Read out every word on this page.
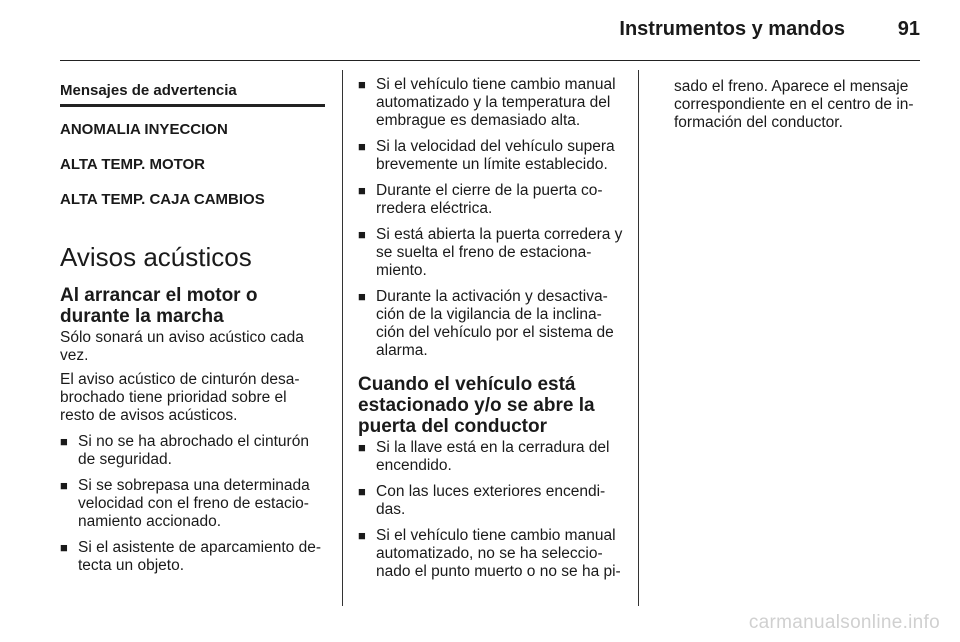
Instrumentos y mandos	91
Mensajes de advertencia
ANOMALIA INYECCION
ALTA TEMP. MOTOR
ALTA TEMP. CAJA CAMBIOS
Avisos acústicos
Al arrancar el motor o durante la marcha
Sólo sonará un aviso acústico cada vez.
El aviso acústico de cinturón desa-brochado tiene prioridad sobre el resto de avisos acústicos.
■ Si no se ha abrochado el cinturón de seguridad.
■ Si se sobrepasa una determinada velocidad con el freno de estacio-namiento accionado.
■ Si el asistente de aparcamiento de-tecta un objeto.
■ Si el vehículo tiene cambio manual automatizado y la temperatura del embrague es demasiado alta.
■ Si la velocidad del vehículo supera brevemente un límite establecido.
■ Durante el cierre de la puerta co-rredera eléctrica.
■ Si está abierta la puerta corredera y se suelta el freno de estaciona-miento.
■ Durante la activación y desactiva-ción de la vigilancia de la inclina-ción del vehículo por el sistema de alarma.
Cuando el vehículo está estacionado y/o se abre la puerta del conductor
■ Si la llave está en la cerradura del encendido.
■ Con las luces exteriores encendi-das.
■ Si el vehículo tiene cambio manual automatizado, no se ha seleccio-nado el punto muerto o no se ha pi-
sado el freno. Aparece el mensaje correspondiente en el centro de in-formación del conductor.
carmanualsonline.info
